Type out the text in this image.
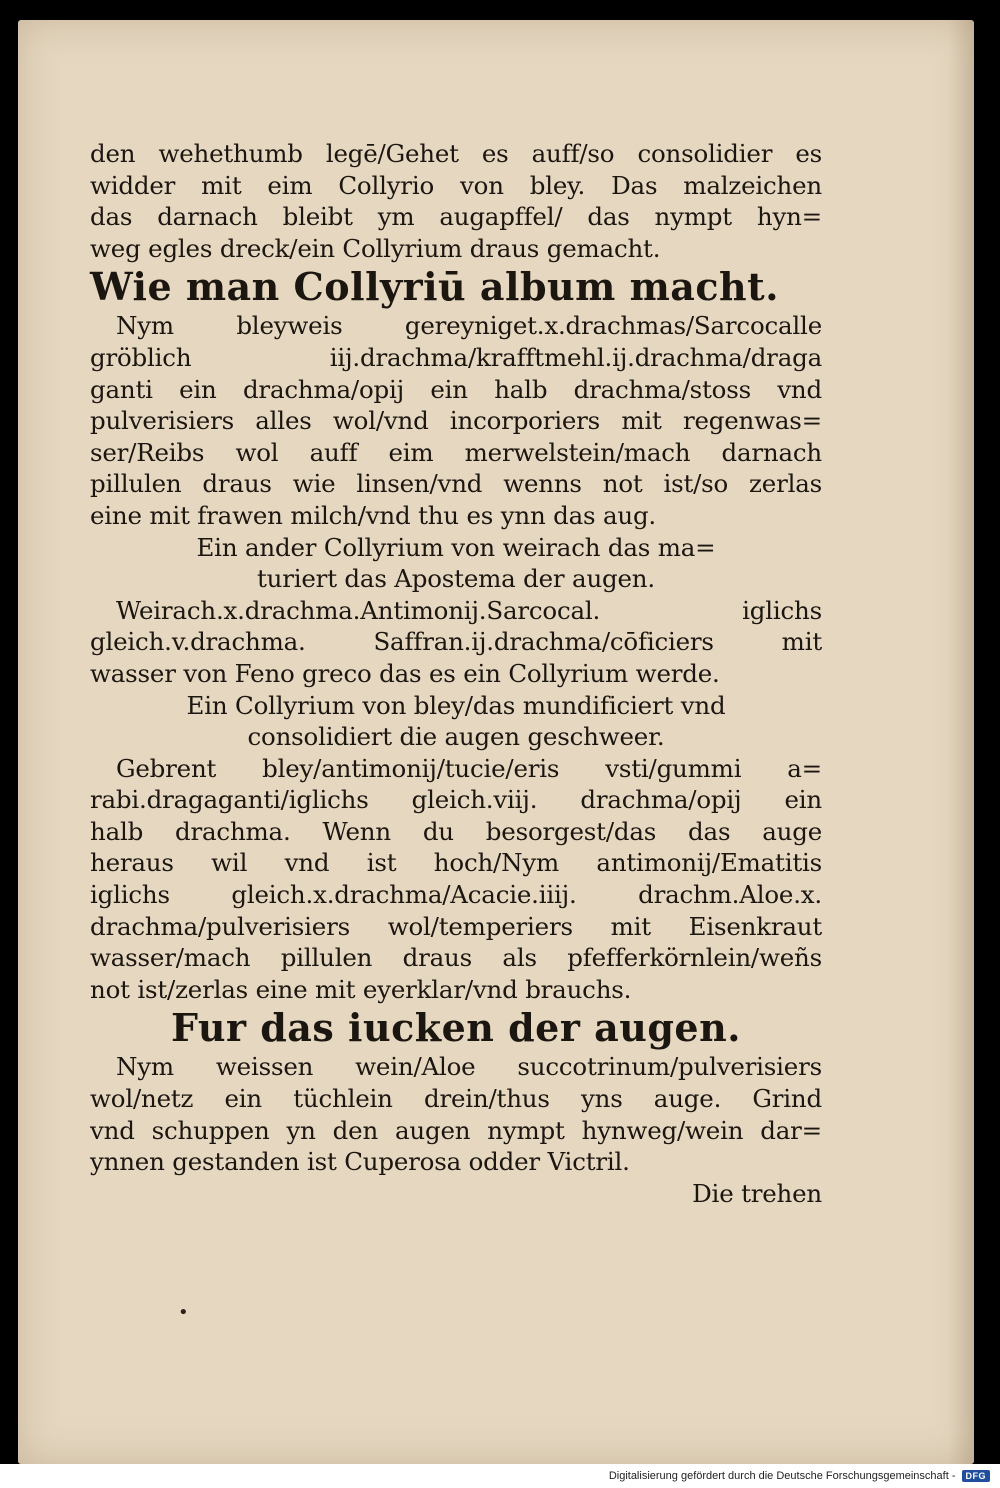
den wehethumb legē/Gehet es auff/so consolidier es
widder mit eim Collyrio von bley. Das malzeichen
das darnach bleibt ym augapffel/ das nympt hyn=
weg egles dreck/ein Collyrium draus gemacht.
Wie man Collyriū album macht.
Nym bleyweis gereyniget.x.drachmas/Sarcocalle
gröblich iij.drachma/krafftmehl.ij.drachma/draga
ganti ein drachma/opij ein halb drachma/stoss vnd
pulverisiers alles wol/vnd incorporiers mit regenwas=
ser/Reibs wol auff eim merwelstein/mach darnach
pillulen draus wie linsen/vnd wenns not ist/so zerlas
eine mit frawen milch/vnd thu es ynn das aug.
Ein ander Collyrium von weirach das ma=
turiert das Apostema der augen.
Weirach.x.drachma.Antimonij.Sarcocal. iglichs
gleich.v.drachma. Saffran.ij.drachma/cōficiers mit
wasser von Feno greco das es ein Collyrium werde.
Ein Collyrium von bley/das mundificiert vnd
consolidiert die augen geschweer.
Gebrent bley/antimonij/tucie/eris vsti/gummi a=
rabi.dragaganti/iglichs gleich.viij. drachma/opij ein
halb drachma. Wenn du besorgest/das das auge
heraus wil vnd ist hoch/Nym antimonij/Ematitis
iglichs gleich.x.drachma/Acacie.iiij. drachm.Aloe.x.
drachma/pulverisiers wol/temperiers mit Eisenkraut
wasser/mach pillulen draus als pfefferkörnlein/weñs
not ist/zerlas eine mit eyerklar/vnd brauchs.
Fur das iucken der augen.
Nym weissen wein/Aloe succotrinum/pulverisiers
wol/netz ein tüchlein drein/thus yns auge. Grind
vnd schuppen yn den augen nympt hynweg/wein dar=
ynnen gestanden ist Cuperosa odder Victril.
Die trehen
•
Digitalisierung gefördert durch die Deutsche Forschungsgemeinschaft -	DFG
